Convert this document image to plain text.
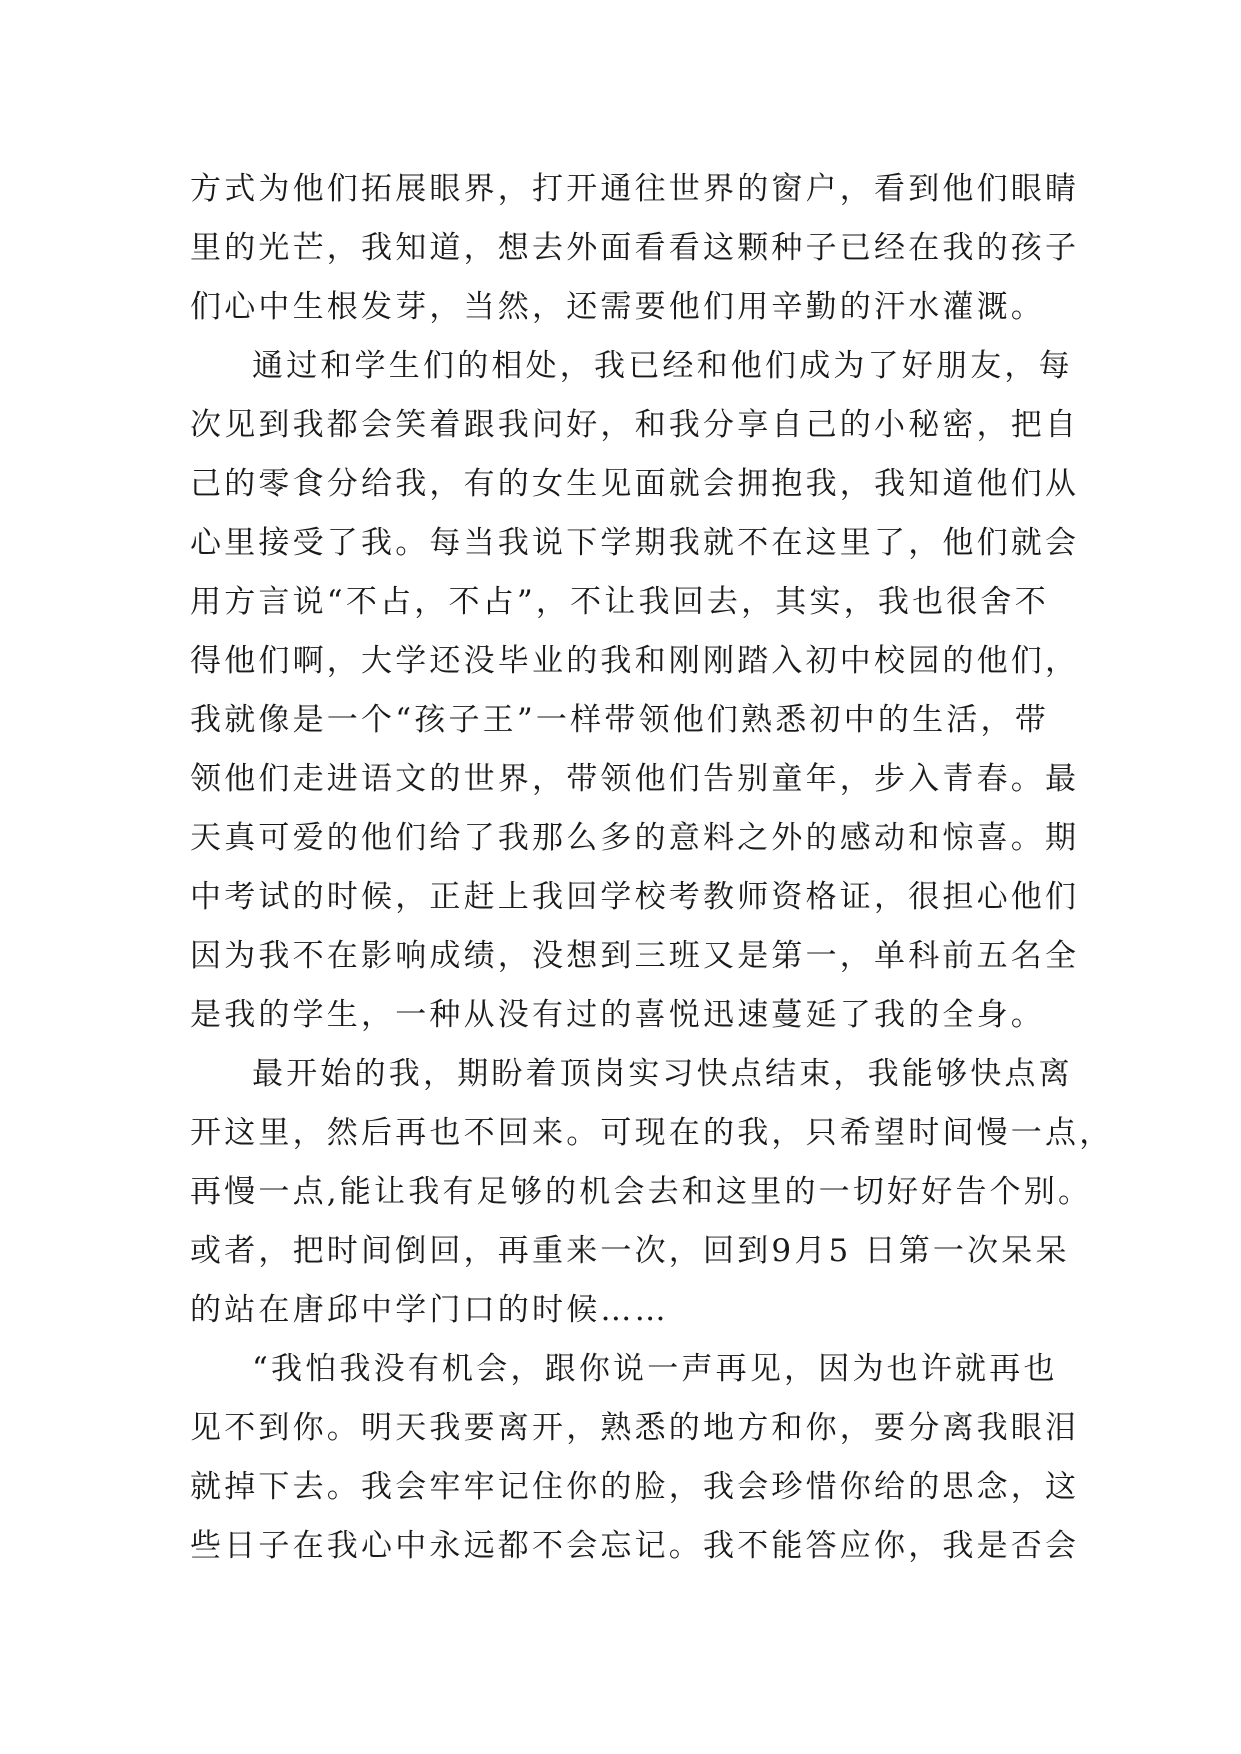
方式为他们拓展眼界，打开通往世界的窗户，看到他们眼睛
里的光芒，我知道，想去外面看看这颗种子已经在我的孩子
们心中生根发芽，当然，还需要他们用辛勤的汗水灌溉。
通过和学生们的相处，我已经和他们成为了好朋友，每
次见到我都会笑着跟我问好，和我分享自己的小秘密，把自
己的零食分给我，有的女生见面就会拥抱我，我知道他们从
心里接受了我。每当我说下学期我就不在这里了，他们就会
用方言说“不占，不占”，不让我回去，其实，我也很舍不
得他们啊，大学还没毕业的我和刚刚踏入初中校园的他们，
我就像是一个“孩子王”一样带领他们熟悉初中的生活，带
领他们走进语文的世界，带领他们告别童年，步入青春。最
天真可爱的他们给了我那么多的意料之外的感动和惊喜。期
中考试的时候，正赶上我回学校考教师资格证，很担心他们
因为我不在影响成绩，没想到三班又是第一，单科前五名全
是我的学生，一种从没有过的喜悦迅速蔓延了我的全身。
最开始的我，期盼着顶岗实习快点结束，我能够快点离
开这里，然后再也不回来。可现在的我，只希望时间慢一点，
再慢一点,能让我有足够的机会去和这里的一切好好告个别。
或者，把时间倒回，再重来一次，回到9月5 日第一次呆呆
的站在唐邱中学门口的时候……
“我怕我没有机会，跟你说一声再见，因为也许就再也
见不到你。明天我要离开，熟悉的地方和你，要分离我眼泪
就掉下去。我会牢牢记住你的脸，我会珍惜你给的思念，这
些日子在我心中永远都不会忘记。我不能答应你，我是否会
